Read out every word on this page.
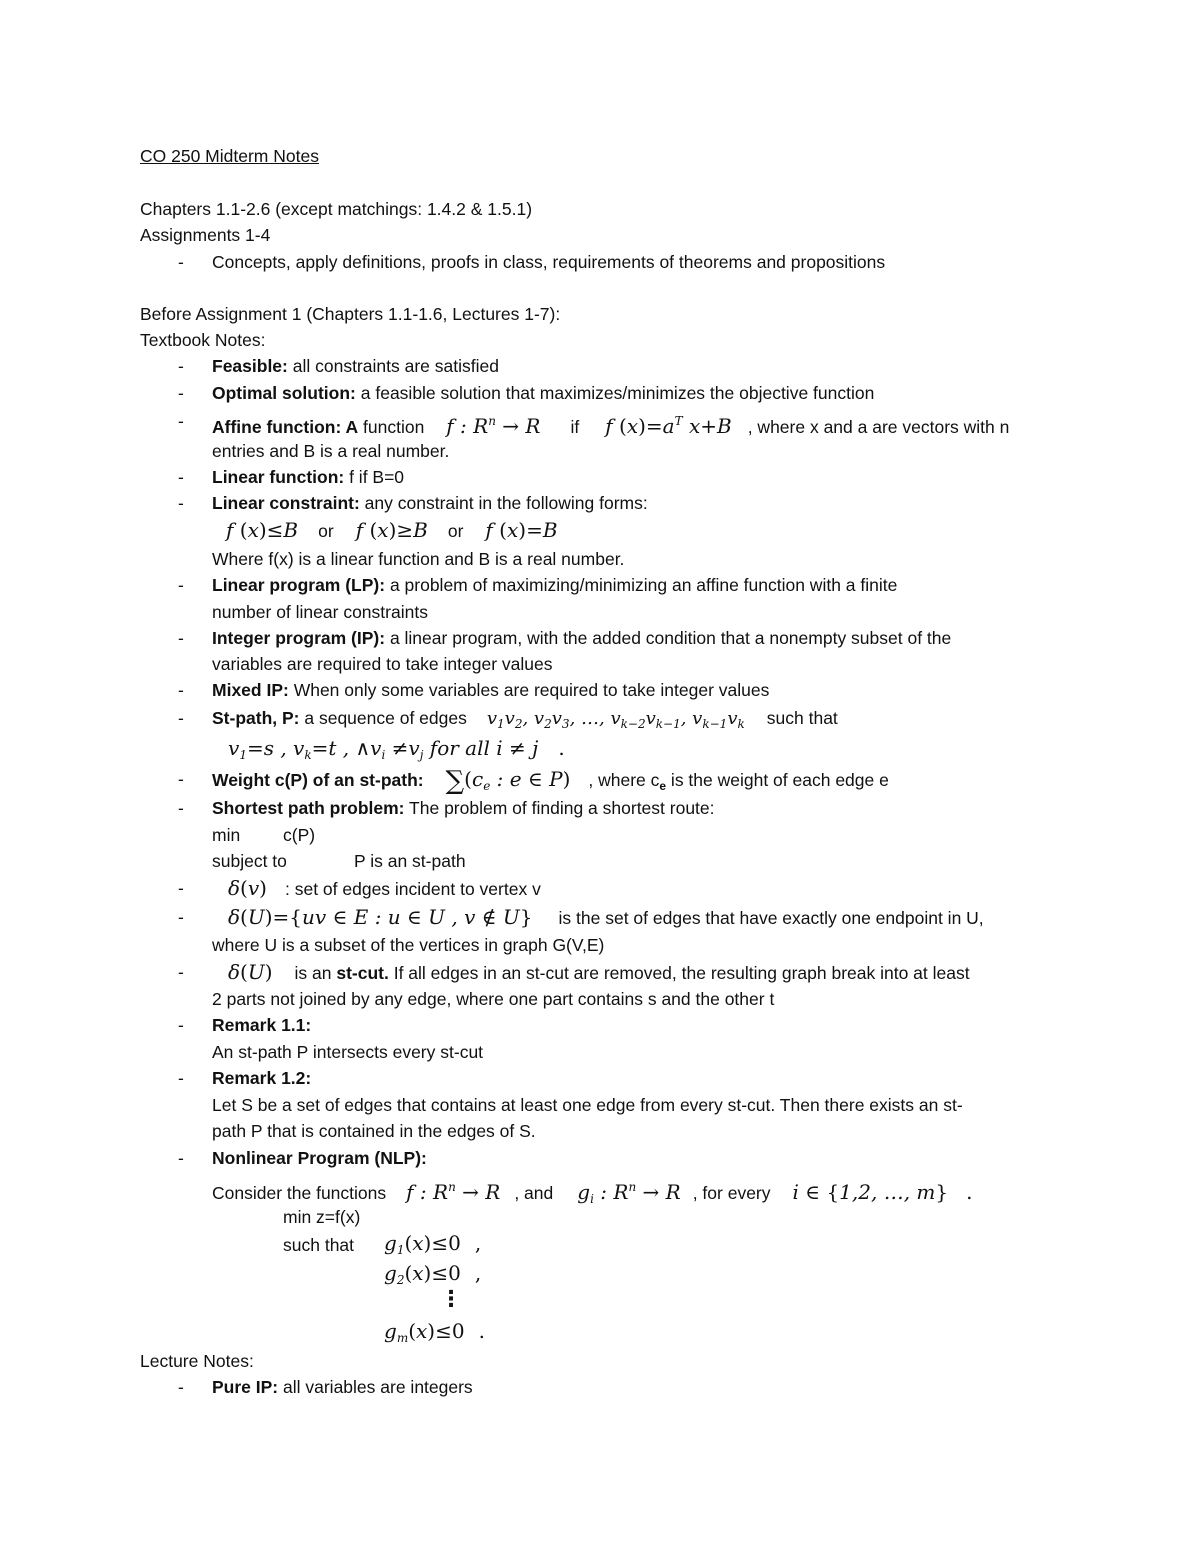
CO 250 Midterm Notes
Chapters 1.1-2.6 (except matchings: 1.4.2 & 1.5.1)
Assignments 1-4
- Concepts, apply definitions, proofs in class, requirements of theorems and propositions
Before Assignment 1 (Chapters 1.1-1.6, Lectures 1-7):
Textbook Notes:
- Feasible: all constraints are satisfied
- Optimal solution: a feasible solution that maximizes/minimizes the objective function
- Affine function: A function f : $R^n \to R$ if f $(x)=a^T$ x+B , where x and a are vectors with n
entries and B is a real number.
- Linear function: f if B=0
- Linear constraint: any constraint in the following forms:
f (x)≤B or f (x)≥B or f (x)=B
Where f(x) is a linear function and B is a real number.
- Linear program (LP): a problem of maximizing/minimizing an affine function with a finite
number of linear constraints
- Integer program (IP): a linear program, with the added condition that a nonempty subset of the
variables are required to take integer values
- Mixed IP: When only some variables are required to take integer values
- St-path, P: a sequence of edges $v_1v_2$, $v_2v_3$, …, $v_{k-2}v_{k-1}$, $v_{k-1}v_k$ such that
$v_1=s$ , $v_k=t$ , $\wedge v_i \ne v_j$ for all i ≠ j .
- Weight c(P) of an st-path: $\sum(c_e$ : e ∈ P) , where $c_e$ is the weight of each edge e
- Shortest path problem: The problem of finding a shortest route:
min c(P)
subject to	P is an st-path
- δ(v) : set of edges incident to vertex v
- δ(U)={uv ∈ E : u ∈ U , v ∉ U} is the set of edges that have exactly one endpoint in U,
where U is a subset of the vertices in graph G(V,E)
- δ(U) is an st-cut. If all edges in an st-cut are removed, the resulting graph break into at least
2 parts not joined by any edge, where one part contains s and the other t
- Remark 1.1:
An st-path P intersects every st-cut
- Remark 1.2:
Let S be a set of edges that contains at least one edge from every st-cut. Then there exists an st-
path P that is contained in the edges of S.
- Nonlinear Program (NLP):
Consider the functions f : $R^n \to R$ , and $g_i$ : $R^n \to R$ , for every i ∈ {1,2, …, m} .
min z=f(x)
such that $g_1(x)\le 0$ ,
$g_2(x)\le 0$ ,
⋮
$g_m(x)\le 0$ .
Lecture Notes:
- Pure IP: all variables are integers
